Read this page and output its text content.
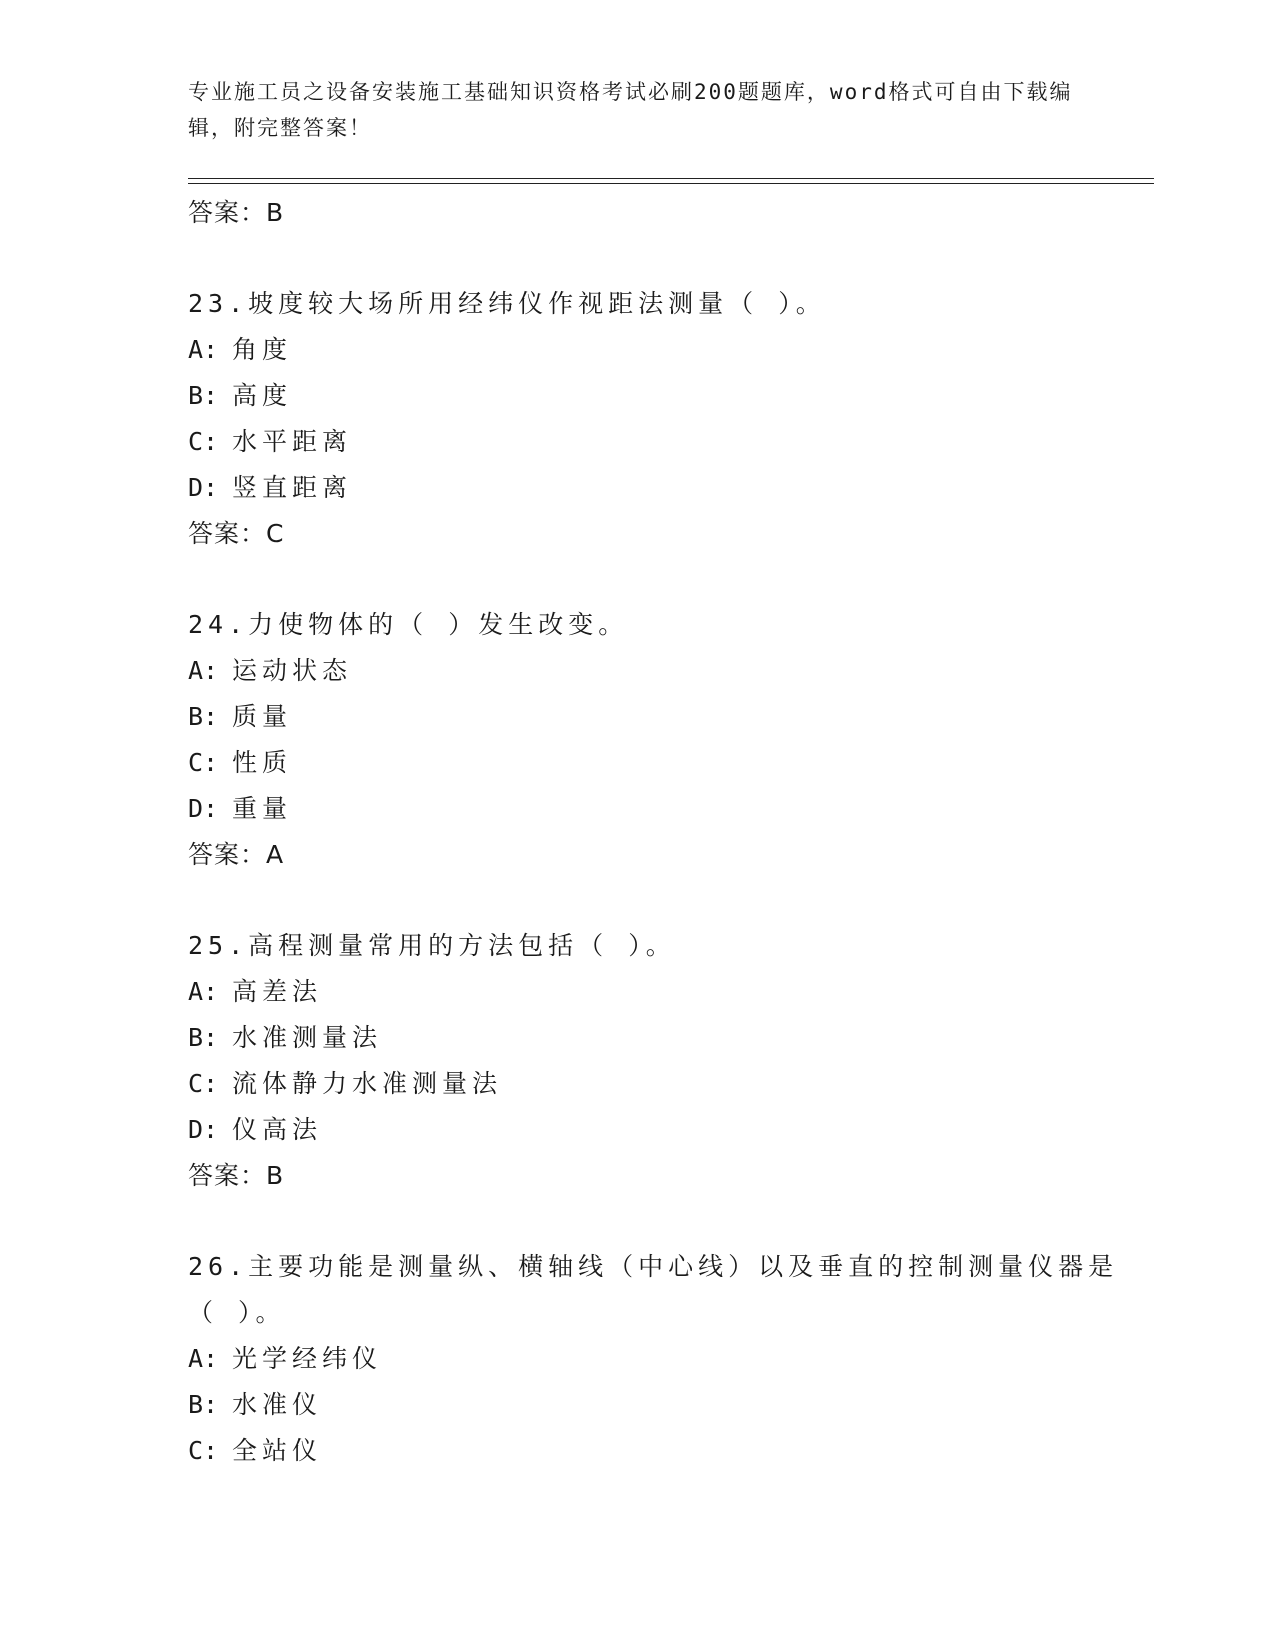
专业施工员之设备安装施工基础知识资格考试必刷200题题库，word格式可自由下载编辑，附完整答案！
答案：B
23.坡度较大场所用经纬仪作视距法测量（ ）。
A: 角度
B: 高度
C: 水平距离
D: 竖直距离
答案：C
24.力使物体的（ ）发生改变。
A: 运动状态
B: 质量
C: 性质
D: 重量
答案：A
25.高程测量常用的方法包括（ ）。
A: 高差法
B: 水准测量法
C: 流体静力水准测量法
D: 仪高法
答案：B
26.主要功能是测量纵、横轴线（中心线）以及垂直的控制测量仪器是（ ）。
A: 光学经纬仪
B: 水准仪
C: 全站仪
